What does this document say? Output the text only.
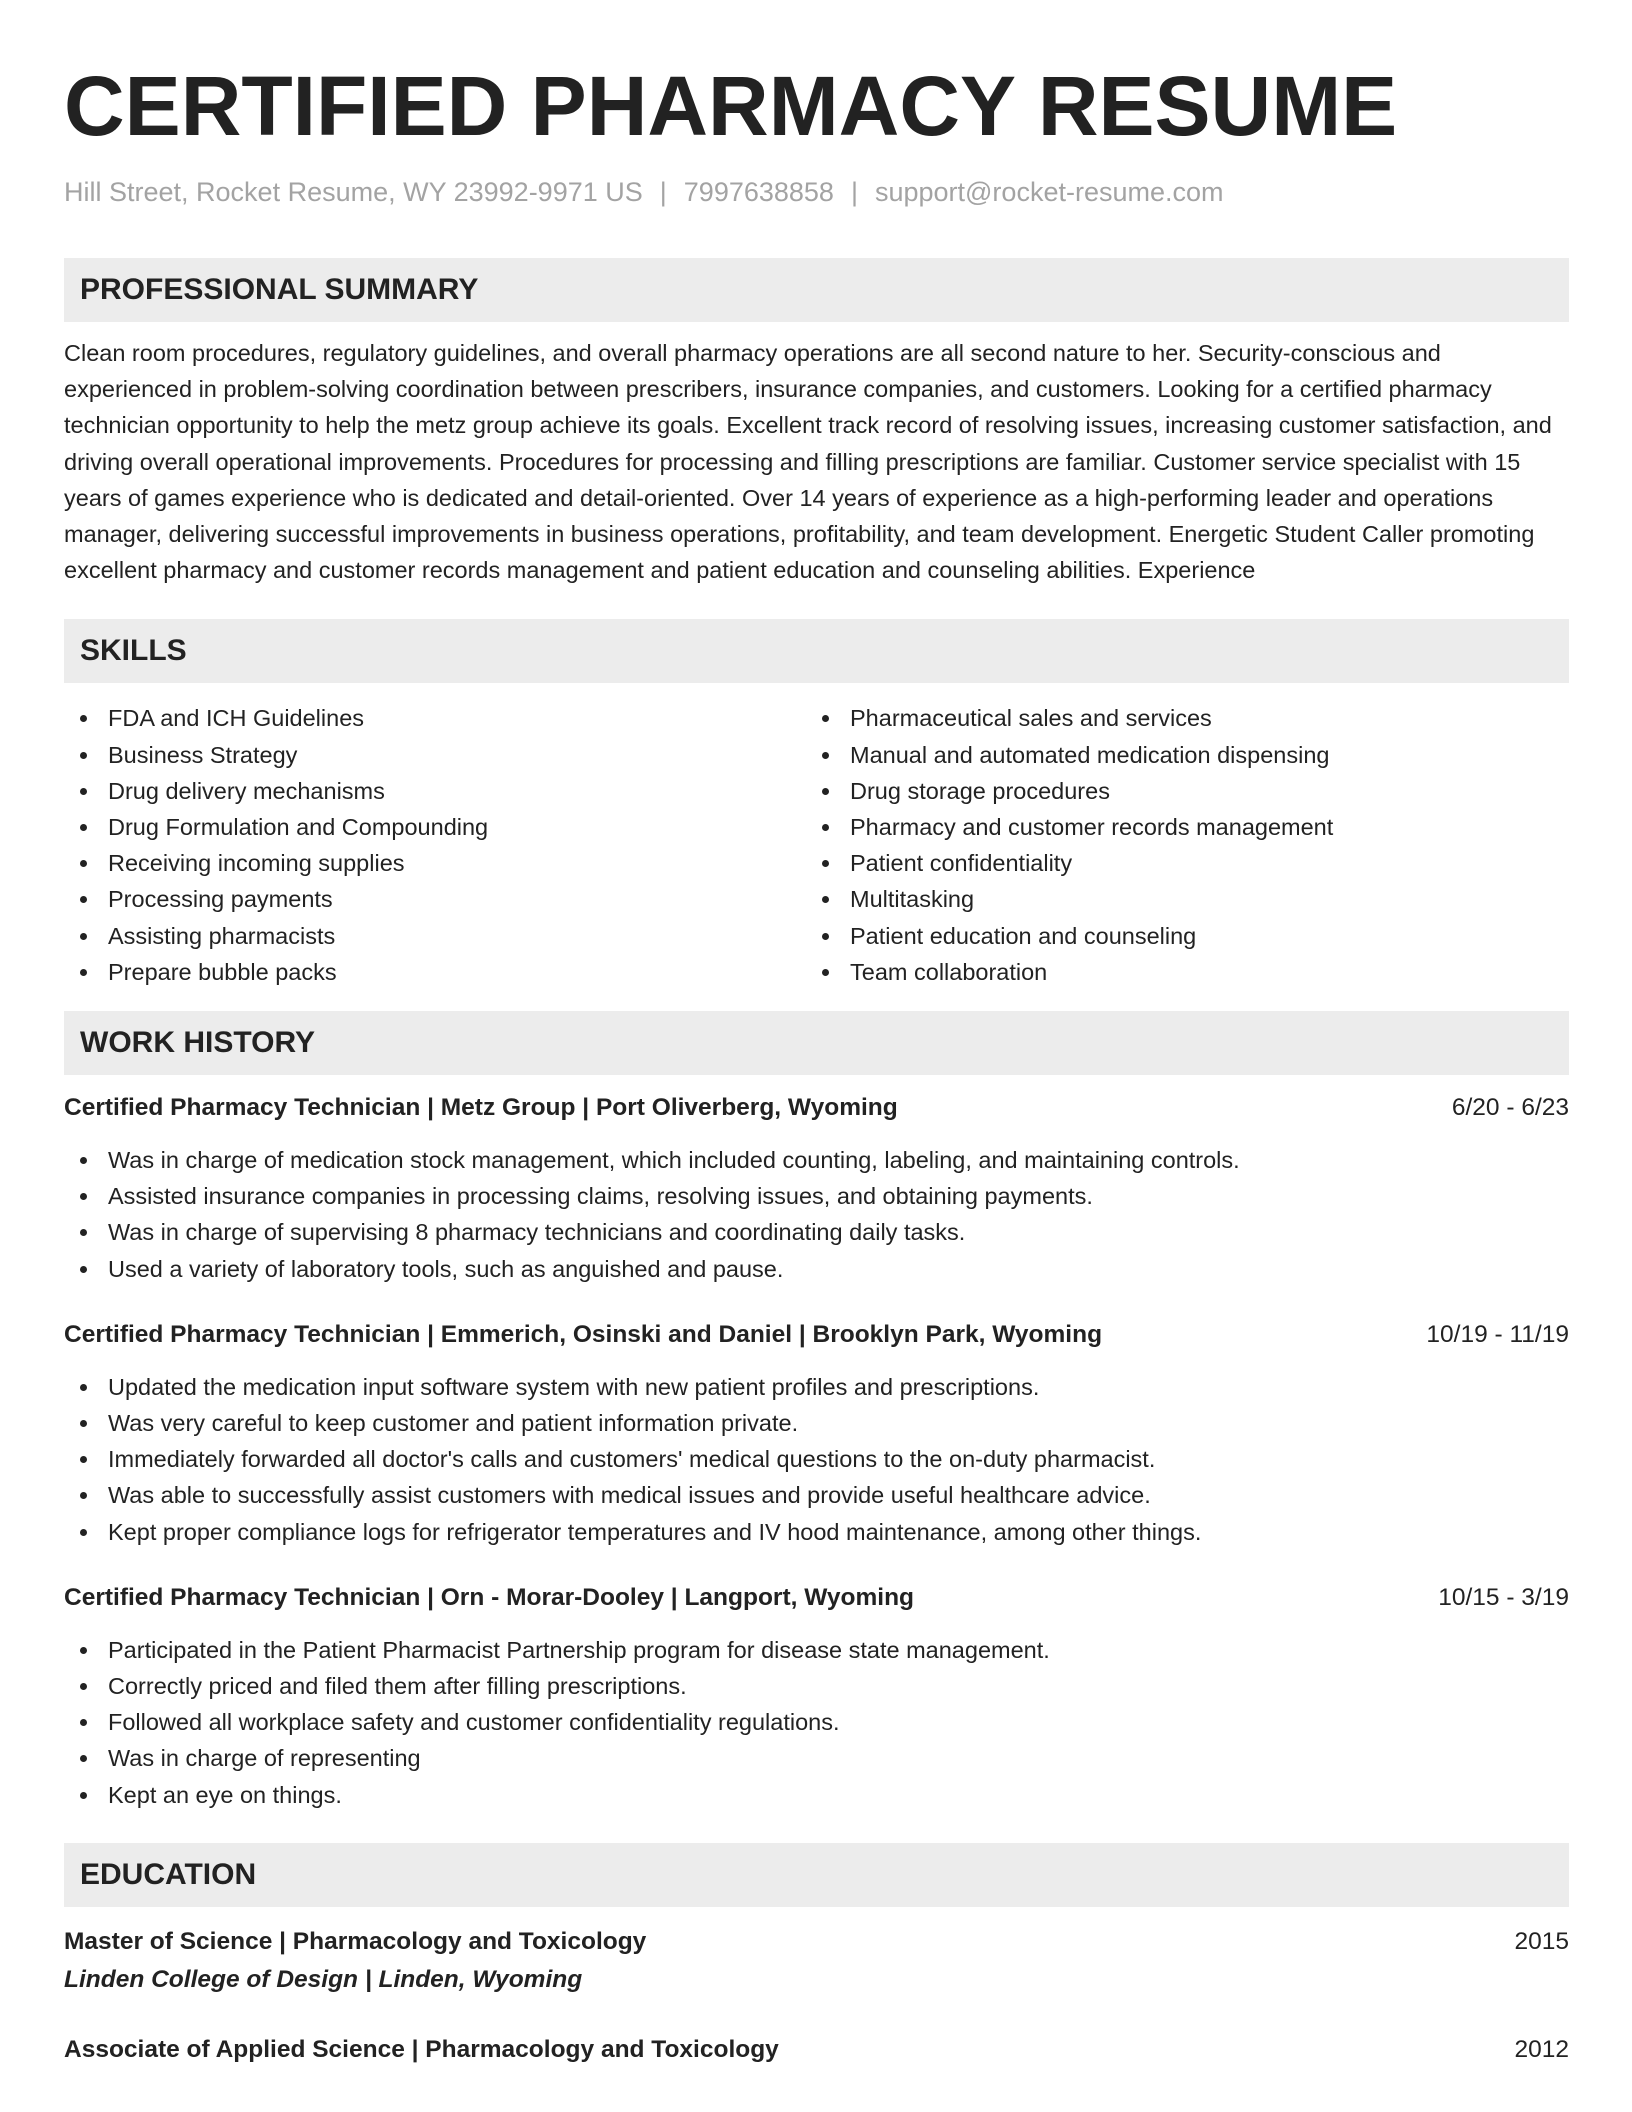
CERTIFIED PHARMACY RESUME
Hill Street, Rocket Resume, WY 23992-9971 US | 7997638858 | support@rocket-resume.com
PROFESSIONAL SUMMARY
Clean room procedures, regulatory guidelines, and overall pharmacy operations are all second nature to her. Security-conscious and experienced in problem-solving coordination between prescribers, insurance companies, and customers. Looking for a certified pharmacy technician opportunity to help the metz group achieve its goals. Excellent track record of resolving issues, increasing customer satisfaction, and driving overall operational improvements. Procedures for processing and filling prescriptions are familiar. Customer service specialist with 15 years of games experience who is dedicated and detail-oriented. Over 14 years of experience as a high-performing leader and operations manager, delivering successful improvements in business operations, profitability, and team development. Energetic Student Caller promoting excellent pharmacy and customer records management and patient education and counseling abilities. Experience
SKILLS
FDA and ICH Guidelines
Business Strategy
Drug delivery mechanisms
Drug Formulation and Compounding
Receiving incoming supplies
Processing payments
Assisting pharmacists
Prepare bubble packs
Pharmaceutical sales and services
Manual and automated medication dispensing
Drug storage procedures
Pharmacy and customer records management
Patient confidentiality
Multitasking
Patient education and counseling
Team collaboration
WORK HISTORY
Certified Pharmacy Technician | Metz Group | Port Oliverberg, Wyoming	6/20 - 6/23
Was in charge of medication stock management, which included counting, labeling, and maintaining controls.
Assisted insurance companies in processing claims, resolving issues, and obtaining payments.
Was in charge of supervising 8 pharmacy technicians and coordinating daily tasks.
Used a variety of laboratory tools, such as anguished and pause.
Certified Pharmacy Technician | Emmerich, Osinski and Daniel | Brooklyn Park, Wyoming	10/19 - 11/19
Updated the medication input software system with new patient profiles and prescriptions.
Was very careful to keep customer and patient information private.
Immediately forwarded all doctor's calls and customers' medical questions to the on-duty pharmacist.
Was able to successfully assist customers with medical issues and provide useful healthcare advice.
Kept proper compliance logs for refrigerator temperatures and IV hood maintenance, among other things.
Certified Pharmacy Technician | Orn - Morar-Dooley | Langport, Wyoming	10/15 - 3/19
Participated in the Patient Pharmacist Partnership program for disease state management.
Correctly priced and filed them after filling prescriptions.
Followed all workplace safety and customer confidentiality regulations.
Was in charge of representing
Kept an eye on things.
EDUCATION
Master of Science | Pharmacology and Toxicology	2015
Linden College of Design | Linden, Wyoming
Associate of Applied Science | Pharmacology and Toxicology	2012
